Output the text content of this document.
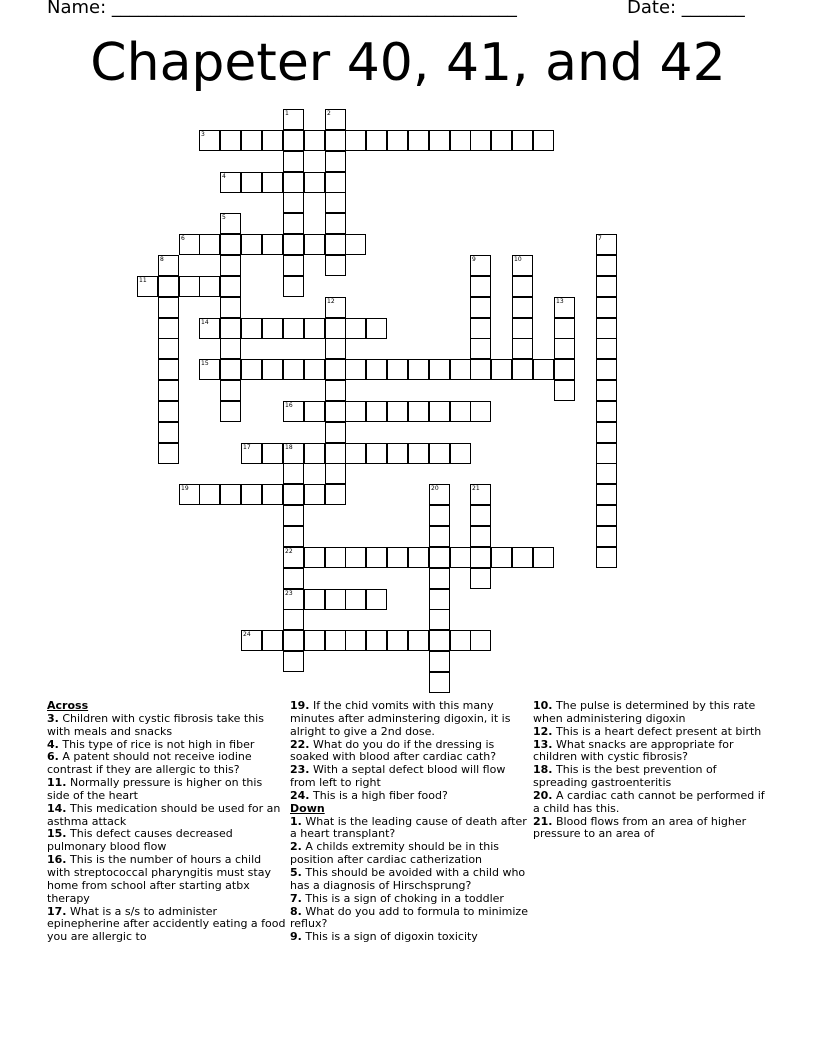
Name: _____________________________________________	Date: _______
Chapeter 40, 41, and 42
1	2
3
4
5
6	7
8	9	10
11
12	13
14
15
16
17	18
22
23
19	20	21
24
Across
3. Children with cystic fibrosis take this with meals and snacks
4. This type of rice is not high in fiber
6. A patent should not receive iodine contrast if they are allergic to this?
11. Normally pressure is higher on this side of the heart
14. This medication should be used for an asthma attack
15. This defect causes decreased pulmonary blood flow
16. This is the number of hours a child with streptococcal pharyngitis must stay home from school after starting atbx therapy
17. What is a s/s to administer epinepherine after accidently eating a food you are allergic to
19. If the chid vomits with this many minutes after adminstering digoxin, it is alright to give a 2nd dose.
22. What do you do if the dressing is soaked with blood after cardiac cath?
23. With a septal defect blood will flow from left to right
24. This is a high fiber food?
Down
1. What is the leading cause of death after a heart transplant?
2. A childs extremity should be in this position after cardiac catherization
5. This should be avoided with a child who has a diagnosis of Hirschsprung?
7. This is a sign of choking in a toddler
8. What do you add to formula to minimize reflux?
9. This is a sign of digoxin toxicity
10. The pulse is determined by this rate when administering digoxin
12. This is a heart defect present at birth
13. What snacks are appropriate for children with cystic fibrosis?
18. This is the best prevention of spreading gastroenteritis
20. A cardiac cath cannot be performed if a child has this.
21. Blood flows from an area of higher pressure to an area of
